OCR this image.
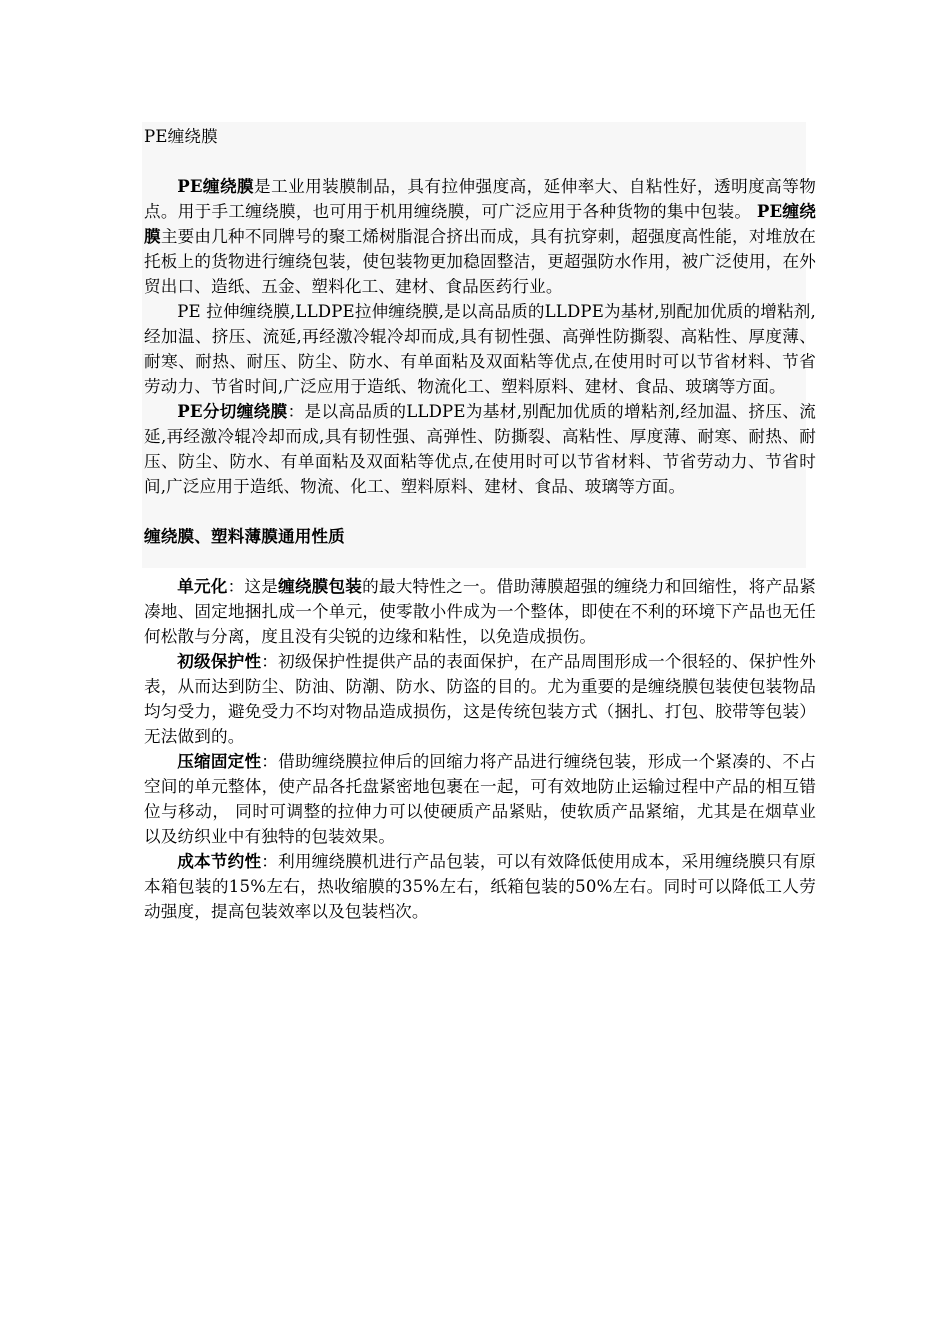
PE缠绕膜

PE缠绕膜是工业用装膜制品，具有拉伸强度高，延伸率大、自粘性好，透明度高等物点。用于手工缠绕膜，也可用于机用缠绕膜，可广泛应用于各种货物的集中包装。 PE缠绕膜主要由几种不同牌号的聚工烯树脂混合挤出而成，具有抗穿刺，超强度高性能，对堆放在托板上的货物进行缠绕包装，使包装物更加稳固整洁，更超强防水作用，被广泛使用，在外贸出口、造纸、五金、塑料化工、建材、食品医药行业。

PE 拉伸缠绕膜,LLDPE拉伸缠绕膜,是以高品质的LLDPE为基材,别配加优质的增粘剂,经加温、挤压、流延,再经激冷辊冷却而成,具有韧性强、高弹性防撕裂、高粘性、厚度薄、耐寒、耐热、耐压、防尘、防水、有单面粘及双面粘等优点,在使用时可以节省材料、节省劳动力、节省时间,广泛应用于造纸、物流化工、塑料原料、建材、食品、玻璃等方面。

PE分切缠绕膜：是以高品质的LLDPE为基材,别配加优质的增粘剂,经加温、挤压、流延,再经激冷辊冷却而成,具有韧性强、高弹性、防撕裂、高粘性、厚度薄、耐寒、耐热、耐压、防尘、防水、有单面粘及双面粘等优点,在使用时可以节省材料、节省劳动力、节省时间,广泛应用于造纸、物流、化工、塑料原料、建材、食品、玻璃等方面。

缠绕膜、塑料薄膜通用性质

单元化：这是缠绕膜包装的最大特性之一。借助薄膜超强的缠绕力和回缩性，将产品紧凑地、固定地捆扎成一个单元，使零散小件成为一个整体，即使在不利的环境下产品也无任何松散与分离，度且没有尖锐的边缘和粘性，以免造成损伤。

初级保护性：初级保护性提供产品的表面保护，在产品周围形成一个很轻的、保护性外表，从而达到防尘、防油、防潮、防水、防盗的目的。尤为重要的是缠绕膜包装使包装物品均匀受力，避免受力不均对物品造成损伤，这是传统包装方式（捆扎、打包、胶带等包装）无法做到的。

压缩固定性：借助缠绕膜拉伸后的回缩力将产品进行缠绕包装，形成一个紧凑的、不占空间的单元整体，使产品各托盘紧密地包裹在一起，可有效地防止运输过程中产品的相互错位与移动， 同时可调整的拉伸力可以使硬质产品紧贴，使软质产品紧缩，尤其是在烟草业以及纺织业中有独特的包装效果。

成本节约性：利用缠绕膜机进行产品包装，可以有效降低使用成本，采用缠绕膜只有原本箱包装的15%左右，热收缩膜的35%左右，纸箱包装的50%左右。同时可以降低工人劳动强度，提高包装效率以及包装档次。
